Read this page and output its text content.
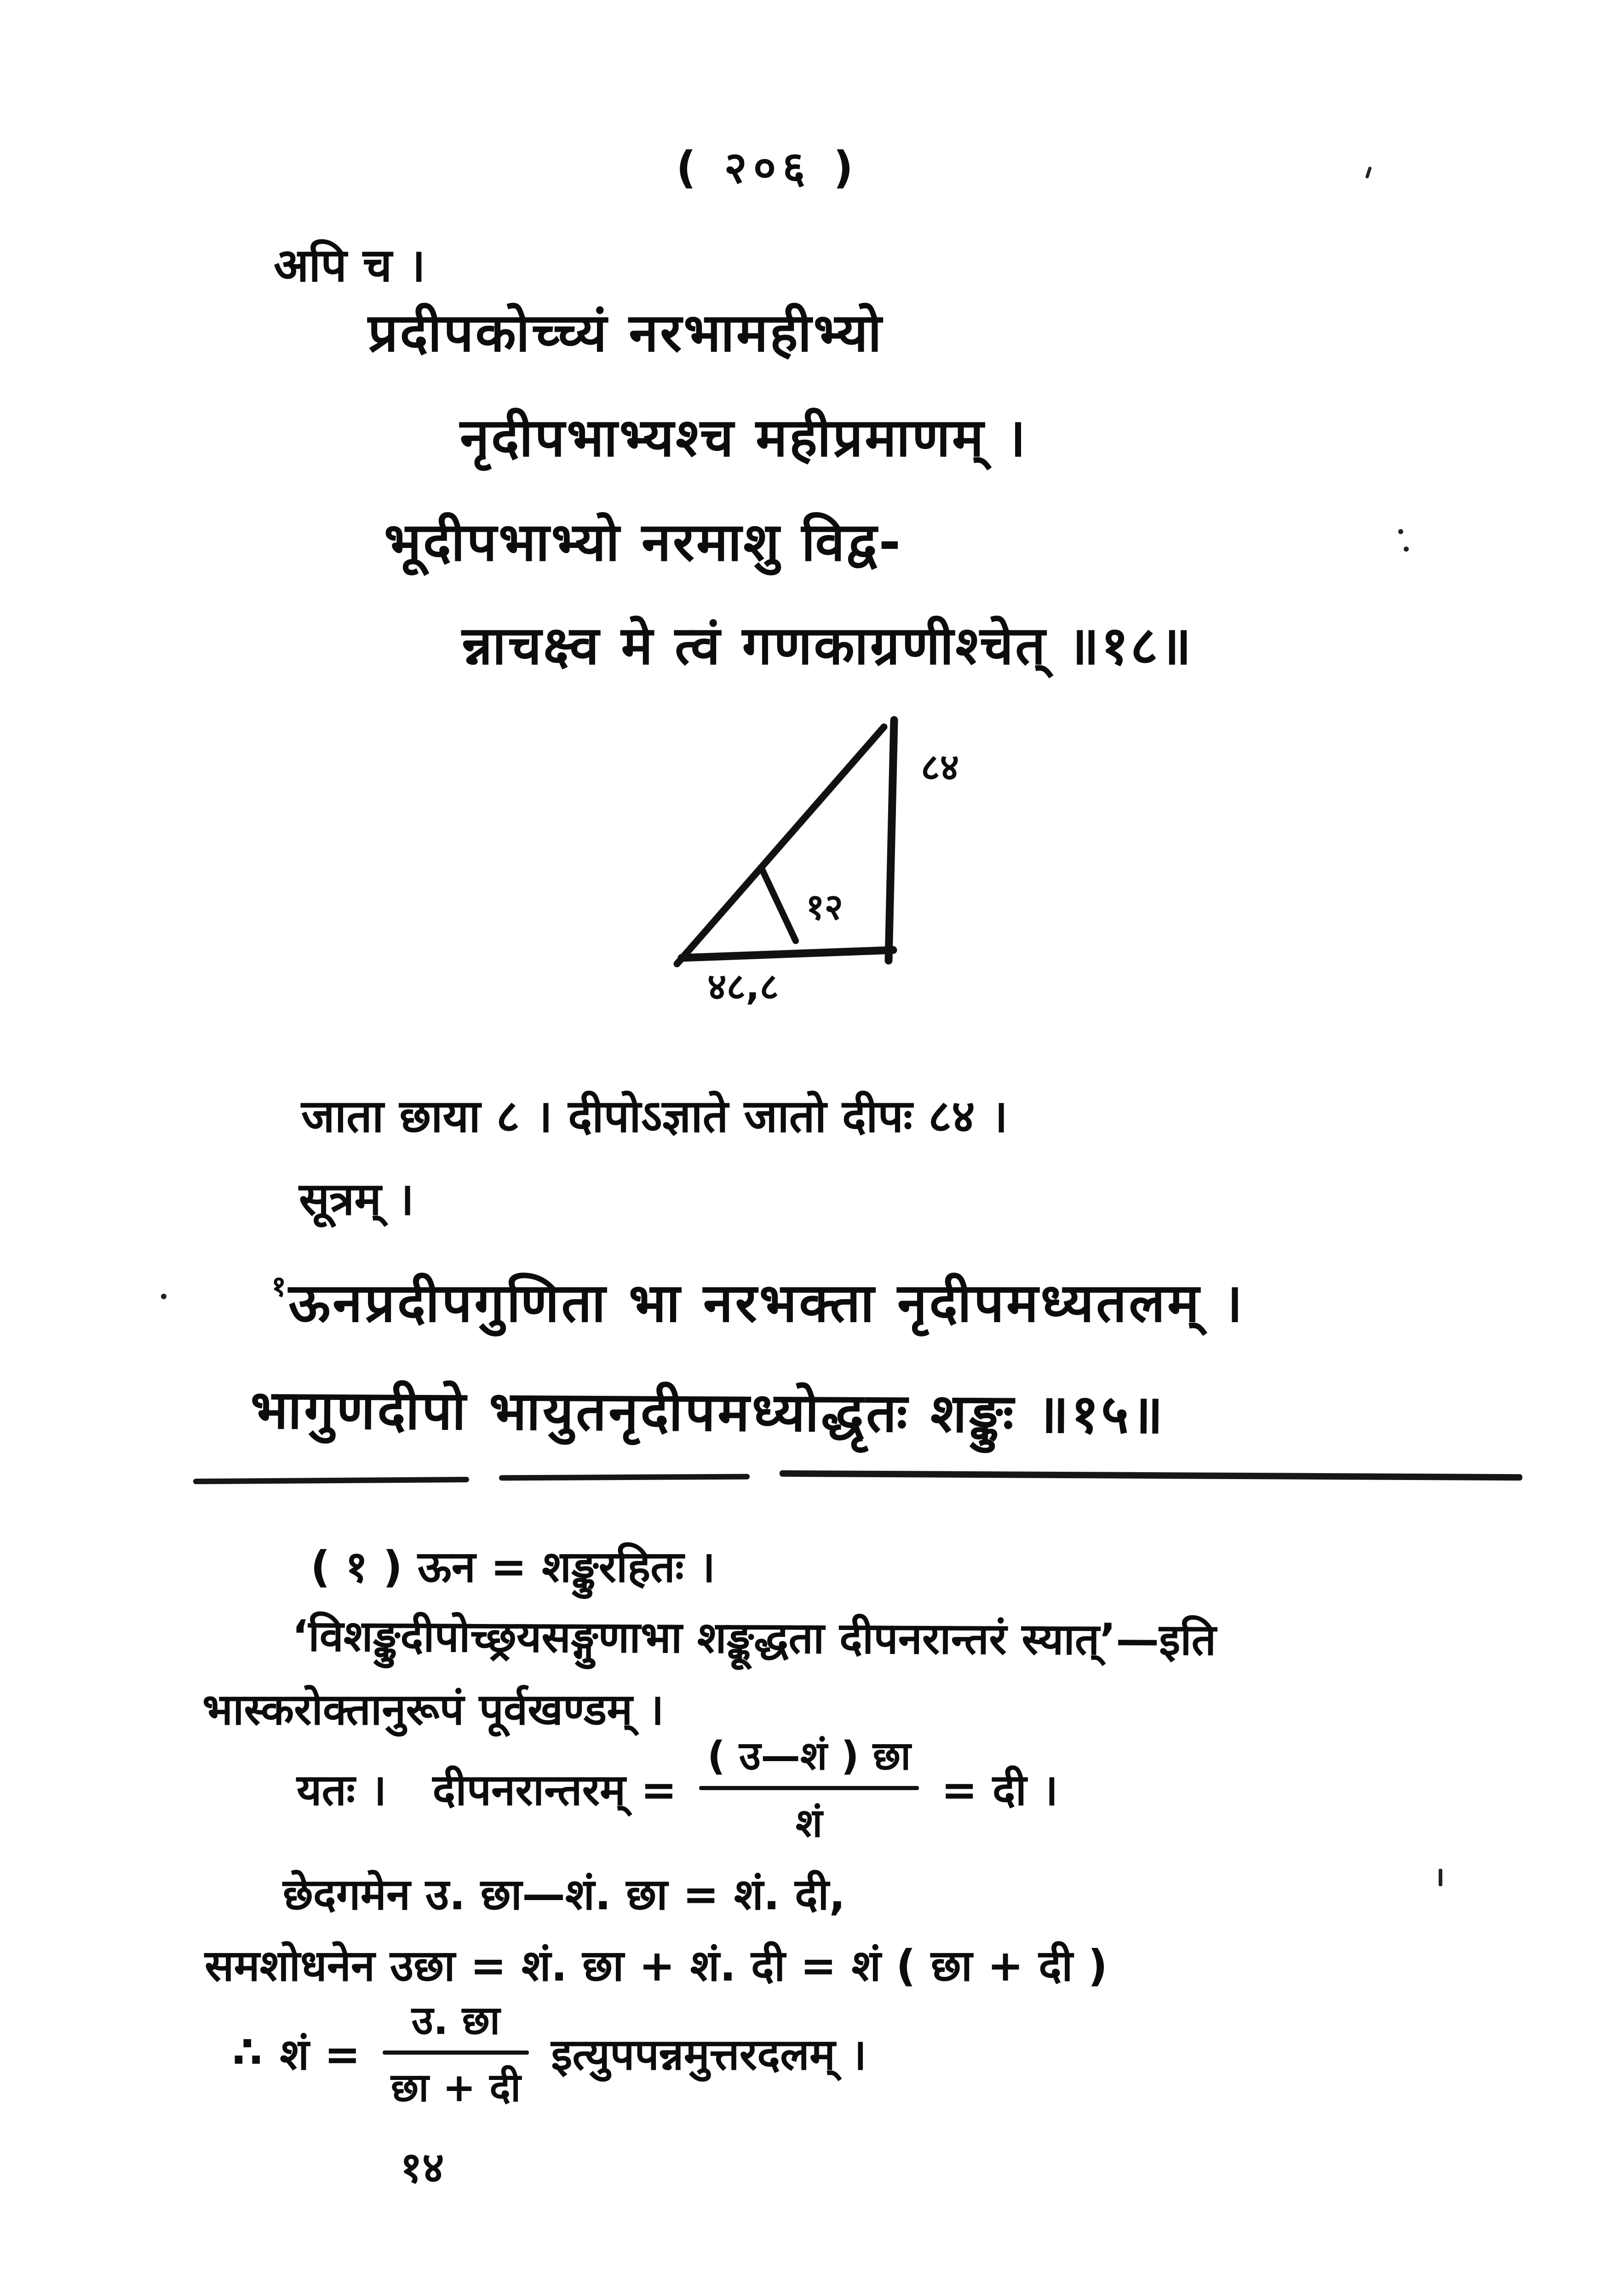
( २०६ )
अपि च ।
प्रदीपकोच्च्यं नरभामहीभ्यो
नृदीपभाभ्यश्च महीप्रमाणम् ।
भूदीपभाभ्यो नरमाशु विद्व-
न्नाचक्ष्व मे त्वं गणकाग्रणीश्चेत् ॥१८॥
८४
१२
४८,८
जाता छाया ८ । दीपोऽज्ञाते जातो दीपः ८४ ।
सूत्रम् ।
$^१$ऊनप्रदीपगुणिता भा नरभक्ता नृदीपमध्यतलम् ।
भागुणदीपो भायुतनृदीपमध्योद्धृतः शङ्कुः ॥१५॥
( १ ) ऊन = शङ्कुरहितः ।
‘विशङ्कुदीपोच्छ्रयसङ्गुणाभा शङ्कूद्धता दीपनरान्तरं स्यात्’—इति
भास्करोक्तानुरूपं पूर्वखण्डम् ।
यतः । दीपनरान्तरम् =
( उ—शं ) छा
शं
= दी ।
छेदगमेन उ. छा—शं. छा = शं. दी,
समशोधनेन उछा = शं. छा + शं. दी = शं ( छा + दी )
∴ शं =
उ. छा
छा + दी
इत्युपपन्नमुत्तरदलम् ।
१४
